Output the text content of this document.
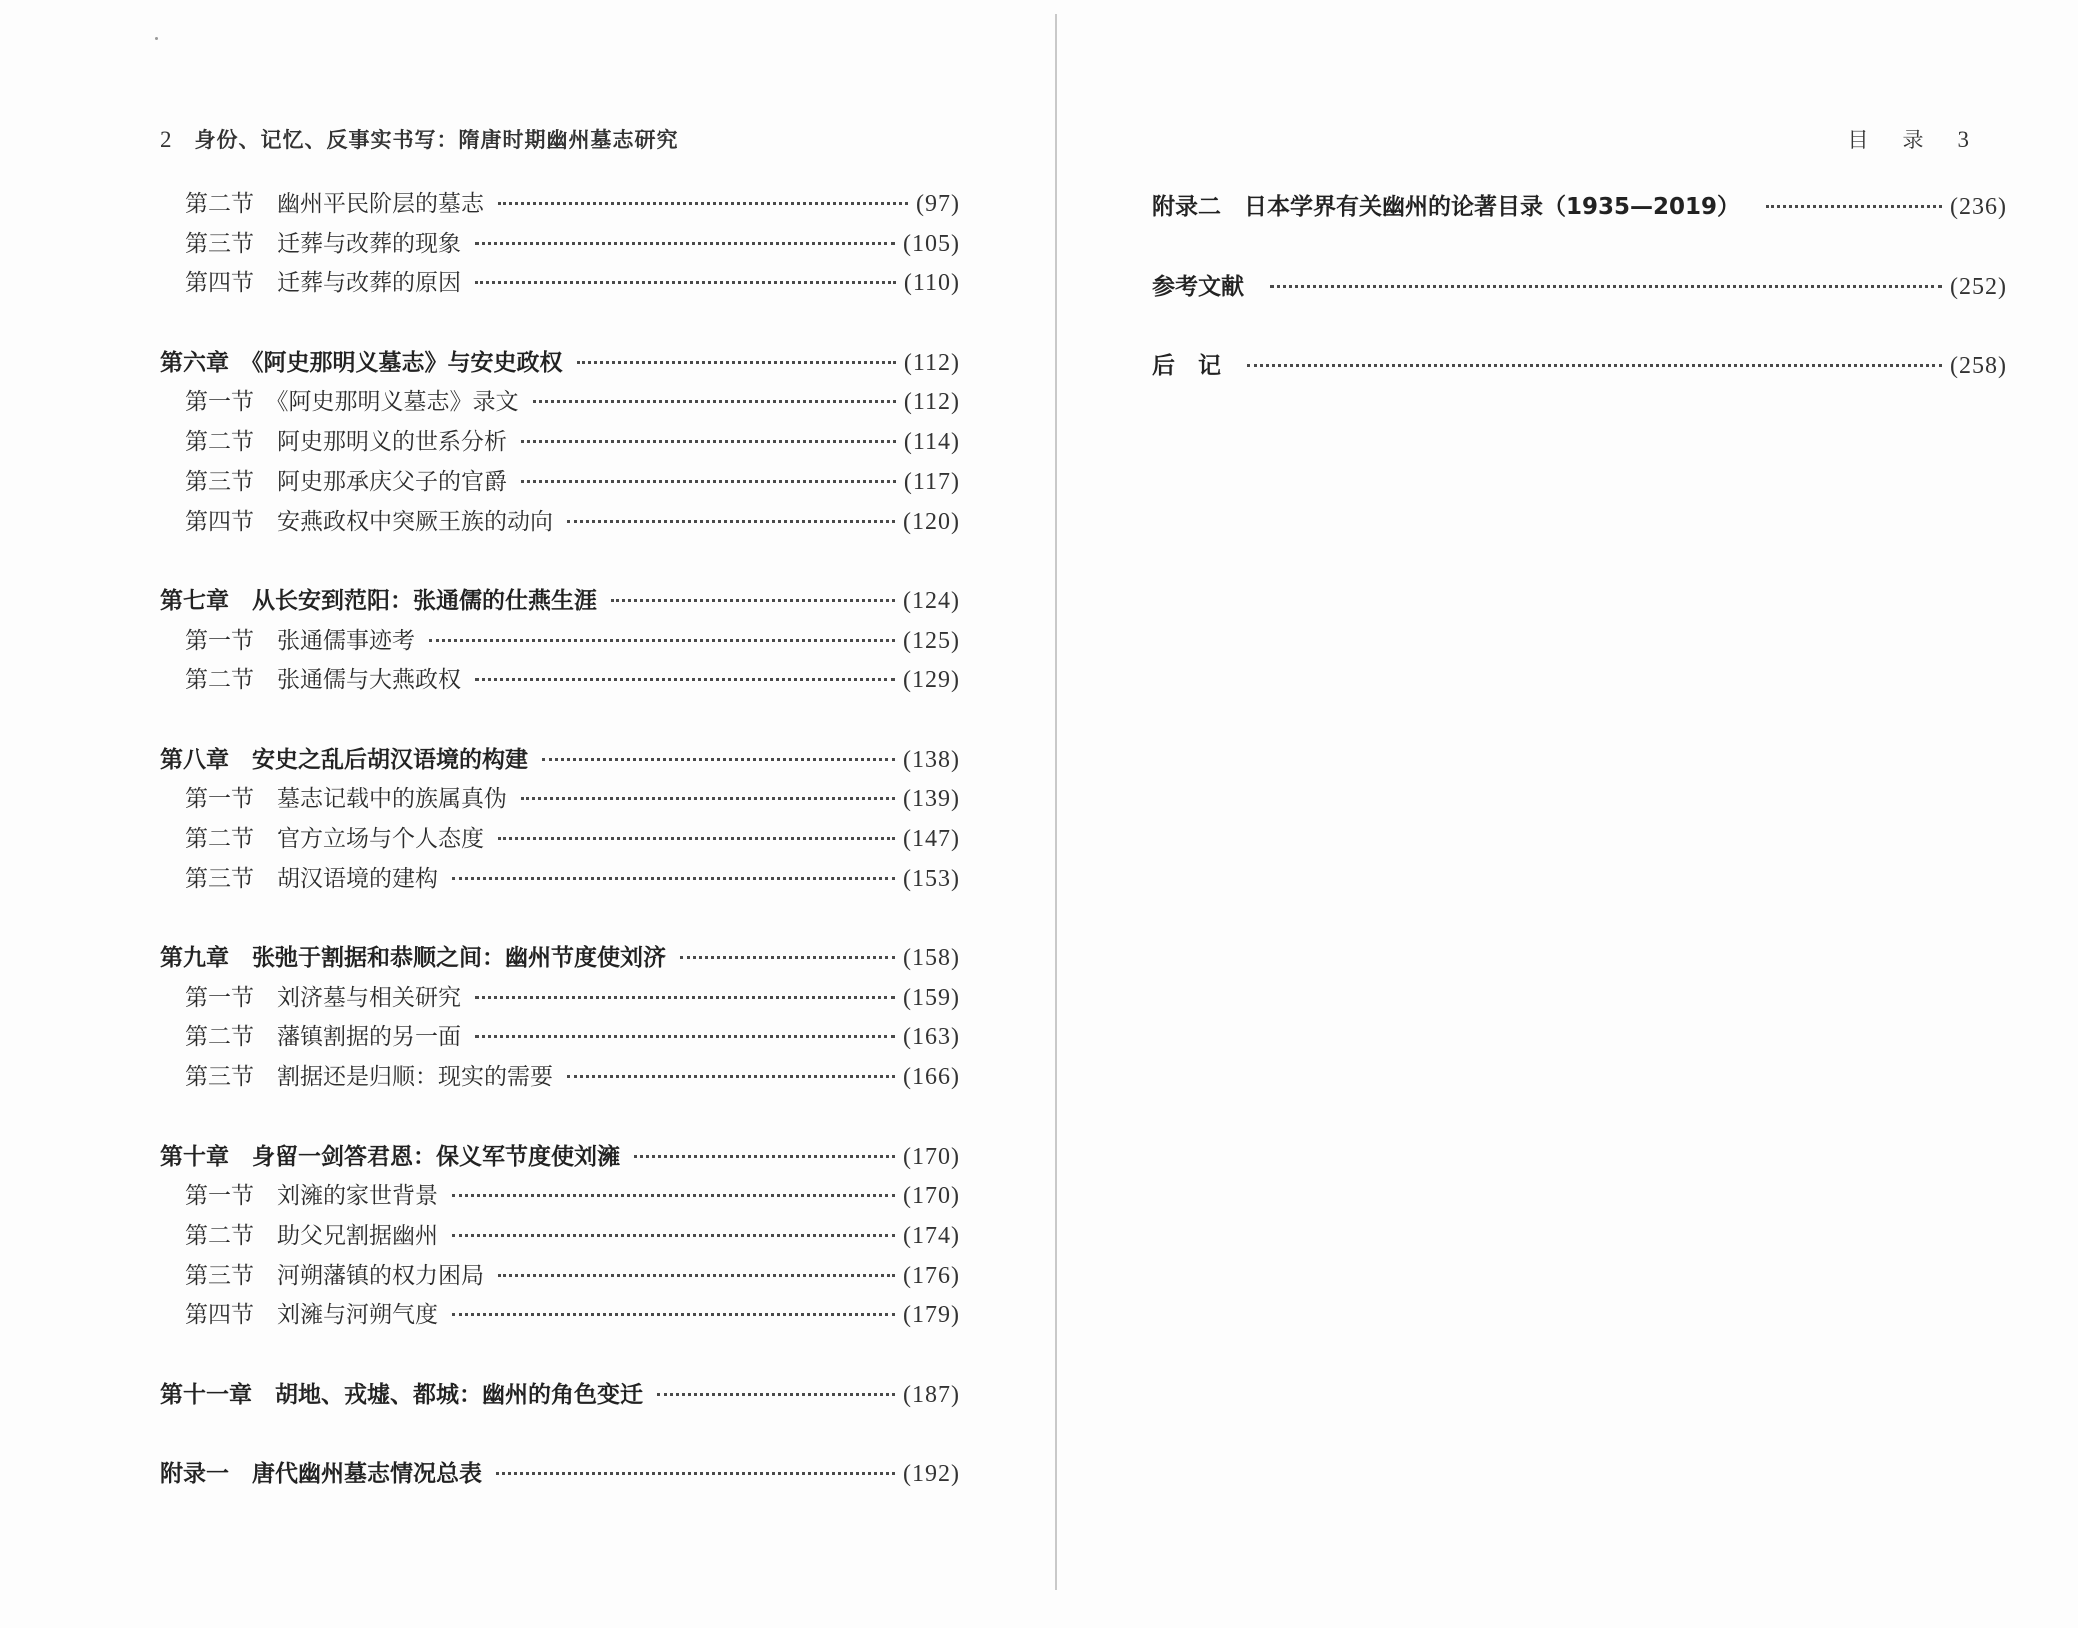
2 身份、记忆、反事实书写：隋唐时期幽州墓志研究
第二节　幽州平民阶层的墓志	(97)
第三节　迁葬与改葬的现象	(105)
第四节　迁葬与改葬的原因	(110)
第六章　《阿史那明义墓志》与安史政权	(112)
第一节　《阿史那明义墓志》录文	(112)
第二节　阿史那明义的世系分析	(114)
第三节　阿史那承庆父子的官爵	(117)
第四节　安燕政权中突厥王族的动向	(120)
第七章　从长安到范阳：张通儒的仕燕生涯	(124)
第一节　张通儒事迹考	(125)
第二节　张通儒与大燕政权	(129)
第八章　安史之乱后胡汉语境的构建	(138)
第一节　墓志记载中的族属真伪	(139)
第二节　官方立场与个人态度	(147)
第三节　胡汉语境的建构	(153)
第九章　张弛于割据和恭顺之间：幽州节度使刘济	(158)
第一节　刘济墓与相关研究	(159)
第二节　藩镇割据的另一面	(163)
第三节　割据还是归顺：现实的需要	(166)
第十章　身留一剑答君恩：保义军节度使刘澭	(170)
第一节　刘澭的家世背景	(170)
第二节　助父兄割据幽州	(174)
第三节　河朔藩镇的权力困局	(176)
第四节　刘澭与河朔气度	(179)
第十一章　胡地、戎墟、都城：幽州的角色变迁	(187)
附录一　唐代幽州墓志情况总表	(192)
目录3
附录二　日本学界有关幽州的论著目录（1935—2019）	(236)
参考文献	(252)
后　记	(258)
